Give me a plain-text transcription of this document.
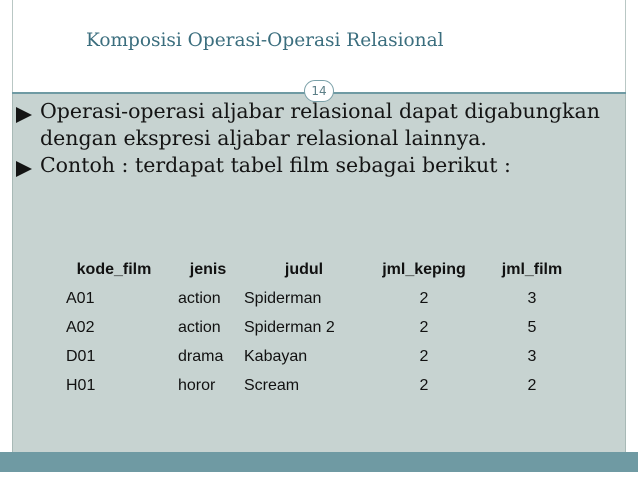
Komposisi Operasi-Operasi Relasional
14
Operasi-operasi aljabar relasional dapat digabungkan dengan ekspresi aljabar relasional lainnya.
Contoh : terdapat tabel film sebagai berikut :
kode_film	jenis	judul	jml_keping	jml_film
A01	action	Spiderman	2	3
A02	action	Spiderman 2	2	5
D01	drama	Kabayan	2	3
H01	horor	Scream	2	2
